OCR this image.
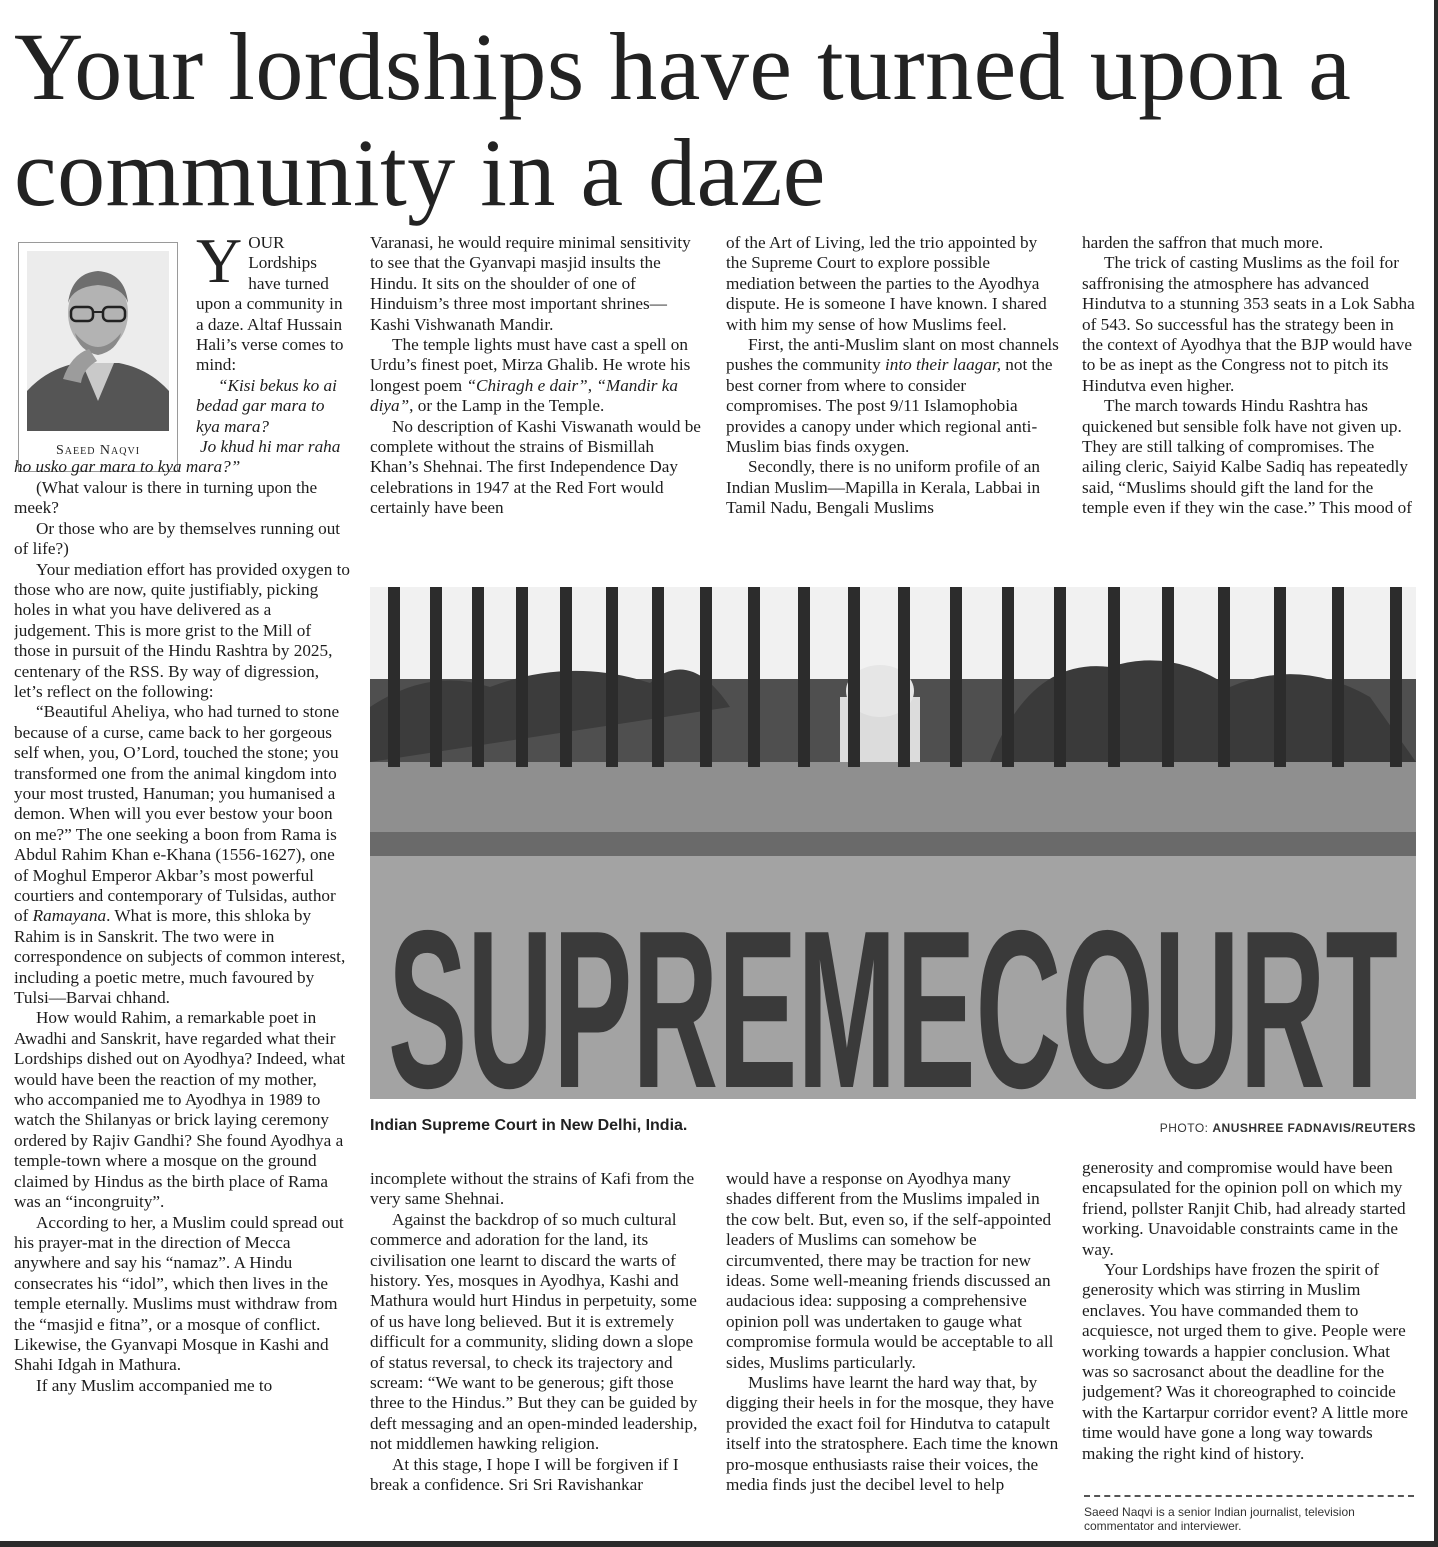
Your lordships have turned upon a community in a daze
Saeed Naqvi
Y OUR Lordships have turned upon a community in a daze. Altaf Hussain Hali’s verse comes to mind:

“Kisi bekus ko ai bedad gar mara to kya mara?

Jo khud hi mar raha ho usko gar mara to kya mara?”

(What valour is there in turning upon the meek?

Or those who are by themselves running out of life?)

Your mediation effort has provided oxygen to those who are now, quite justifiably, picking holes in what you have delivered as a judgement. This is more grist to the Mill of those in pursuit of the Hindu Rashtra by 2025, centenary of the RSS. By way of digression, let’s reflect on the following:

“Beautiful Aheliya, who had turned to stone because of a curse, came back to her gorgeous self when, you, O’Lord, touched the stone; you transformed one from the animal kingdom into your most trusted, Hanuman; you humanised a demon. When will you ever bestow your boon on me?” The one seeking a boon from Rama is Abdul Rahim Khan e-Khana (1556-1627), one of Moghul Emperor Akbar’s most powerful courtiers and contemporary of Tulsidas, author of Ramayana. What is more, this shloka by Rahim is in Sanskrit. The two were in correspondence on subjects of common interest, including a poetic metre, much favoured by Tulsi––Barvai chhand.

How would Rahim, a remarkable poet in Awadhi and Sanskrit, have regarded what their Lordships dished out on Ayodhya? Indeed, what would have been the reaction of my mother, who accompanied me to Ayodhya in 1989 to watch the Shilanyas or brick laying ceremony ordered by Rajiv Gandhi? She found Ayodhya a temple-town where a mosque on the ground claimed by Hindus as the birth place of Rama was an “incongruity”.

According to her, a Muslim could spread out his prayer-mat in the direction of Mecca anywhere and say his “namaz”. A Hindu consecrates his “idol”, which then lives in the temple eternally. Muslims must withdraw from the “masjid e fitna”, or a mosque of conflict. Likewise, the Gyanvapi Mosque in Kashi and Shahi Idgah in Mathura.

If any Muslim accompanied me to

Varanasi, he would require minimal sensitivity to see that the Gyanvapi masjid insults the Hindu. It sits on the shoulder of one of Hinduism’s three most important shrines—Kashi Vishwanath Mandir.

The temple lights must have cast a spell on Urdu’s finest poet, Mirza Ghalib. He wrote his longest poem “Chiragh e dair”, “Mandir ka diya”, or the Lamp in the Temple.

No description of Kashi Viswanath would be complete without the strains of Bismillah Khan’s Shehnai. The first Independence Day celebrations in 1947 at the Red Fort would certainly have been

of the Art of Living, led the trio appointed by the Supreme Court to explore possible mediation between the parties to the Ayodhya dispute. He is someone I have known. I shared with him my sense of how Muslims feel.

First, the anti-Muslim slant on most channels pushes the community into their laagar, not the best corner from where to consider compromises. The post 9/11 Islamophobia provides a canopy under which regional anti-Muslim bias finds oxygen.

Secondly, there is no uniform profile of an Indian Muslim—Mapilla in Kerala, Labbai in Tamil Nadu, Bengali Muslims

harden the saffron that much more.

The trick of casting Muslims as the foil for saffronising the atmosphere has advanced Hindutva to a stunning 353 seats in a Lok Sabha of 543. So successful has the strategy been in the context of Ayodhya that the BJP would have to be as inept as the Congress not to pitch its Hindutva even higher.

The march towards Hindu Rashtra has quickened but sensible folk have not given up. They are still talking of compromises. The ailing cleric, Saiyid Kalbe Sadiq has repeatedly said, “Muslims should gift the land for the temple even if they win the case.” This mood of

SUPREMECOURT
Indian Supreme Court in New Delhi, India.	PHOTO: ANUSHREE FADNAVIS/REUTERS

incomplete without the strains of Kafi from the very same Shehnai.

Against the backdrop of so much cultural commerce and adoration for the land, its civilisation one learnt to discard the warts of history. Yes, mosques in Ayodhya, Kashi and Mathura would hurt Hindus in perpetuity, some of us have long believed. But it is extremely difficult for a community, sliding down a slope of status reversal, to check its trajectory and scream: “We want to be generous; gift those three to the Hindus.” But they can be guided by deft messaging and an open-minded leadership, not middlemen hawking religion.

At this stage, I hope I will be forgiven if I break a confidence. Sri Sri Ravishankar

would have a response on Ayodhya many shades different from the Muslims impaled in the cow belt. But, even so, if the self-appointed leaders of Muslims can somehow be circumvented, there may be traction for new ideas. Some well-meaning friends discussed an audacious idea: supposing a comprehensive opinion poll was undertaken to gauge what compromise formula would be acceptable to all sides, Muslims particularly.

Muslims have learnt the hard way that, by digging their heels in for the mosque, they have provided the exact foil for Hindutva to catapult itself into the stratosphere. Each time the known pro-mosque enthusiasts raise their voices, the media finds just the decibel level to help

generosity and compromise would have been encapsulated for the opinion poll on which my friend, pollster Ranjit Chib, had already started working. Unavoidable constraints came in the way.

Your Lordships have frozen the spirit of generosity which was stirring in Muslim enclaves. You have commanded them to acquiesce, not urged them to give. People were working towards a happier conclusion. What was so sacrosanct about the deadline for the judgement? Was it choreographed to coincide with the Kartarpur corridor event? A little more time would have gone a long way towards making the right kind of history.

Saeed Naqvi is a senior Indian journalist, television commentator and interviewer.
